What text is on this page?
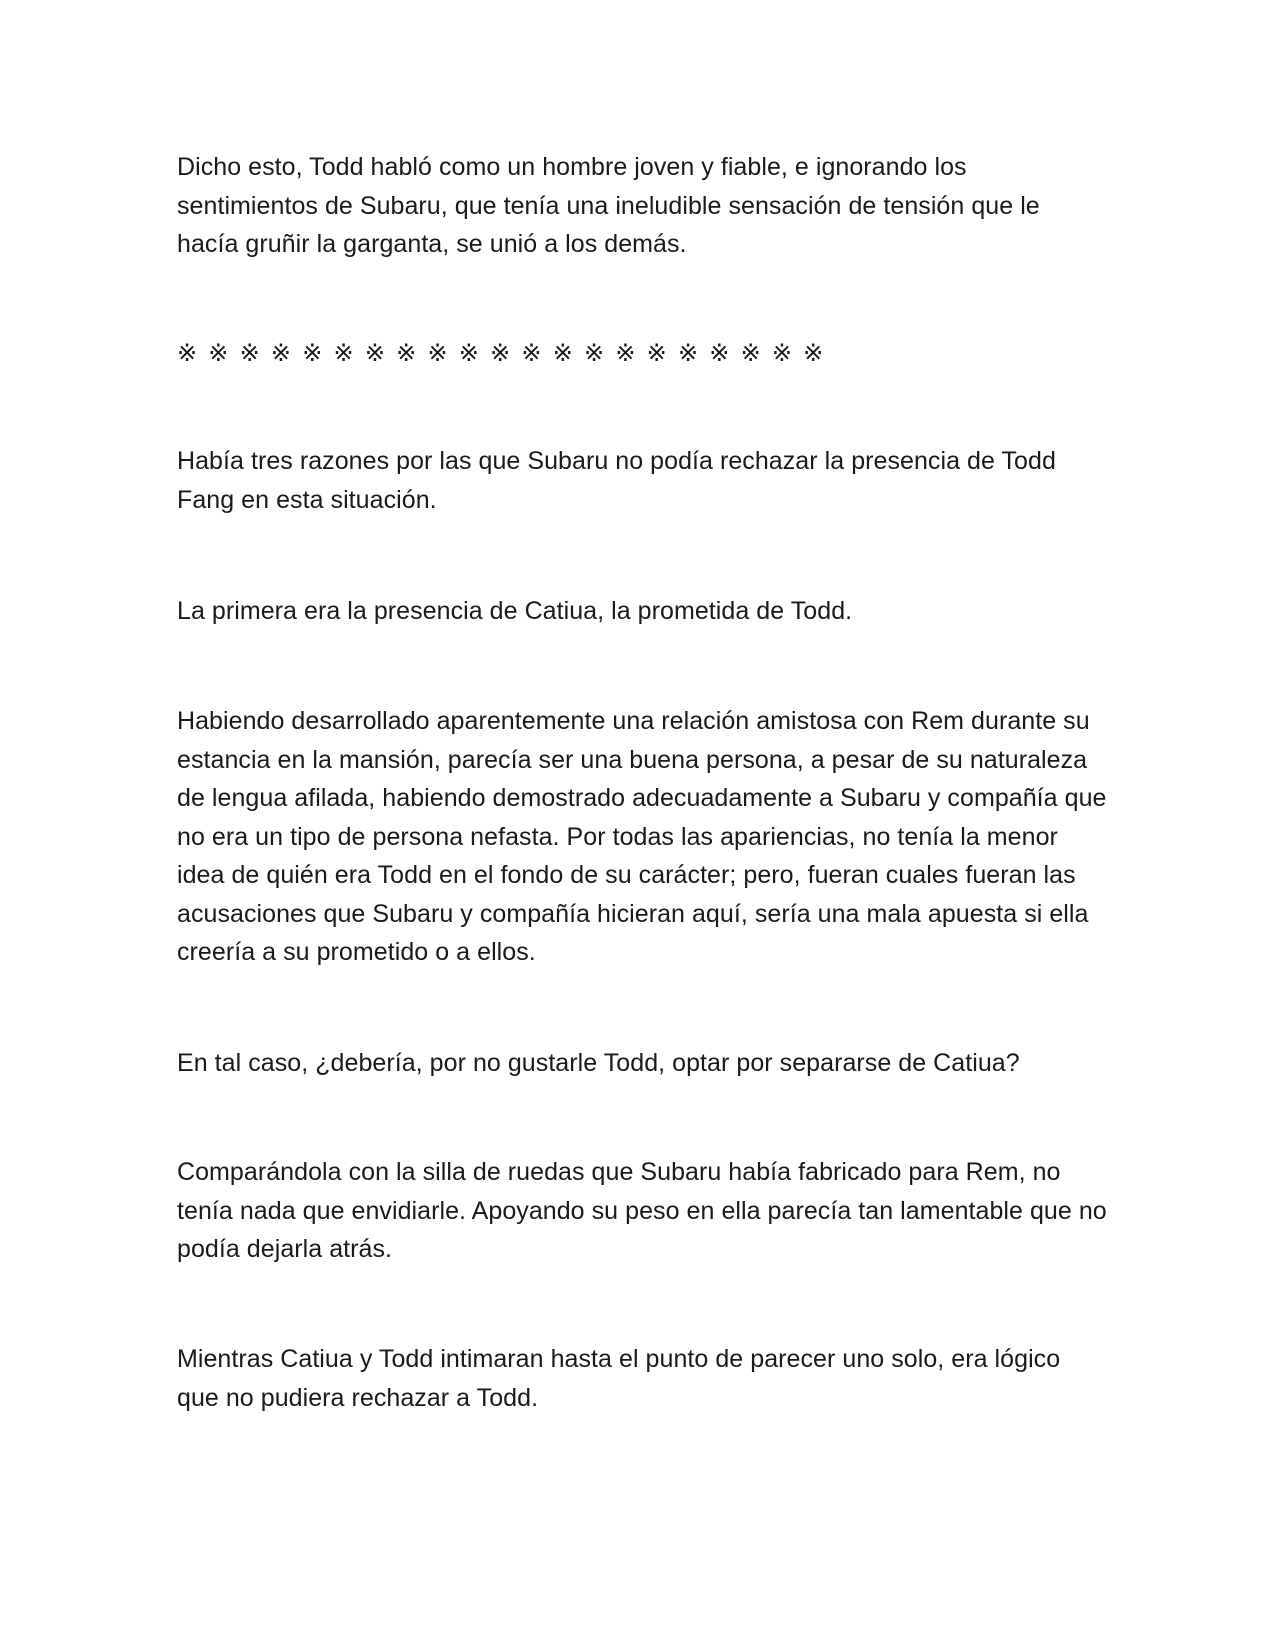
Dicho esto, Todd habló como un hombre joven y fiable, e ignorando los sentimientos de Subaru, que tenía una ineludible sensación de tensión que le hacía gruñir la garganta, se unió a los demás.

※※※※※※※※※※※※※※※※※※※※※

Había tres razones por las que Subaru no podía rechazar la presencia de Todd Fang en esta situación.

La primera era la presencia de Catiua, la prometida de Todd.

Habiendo desarrollado aparentemente una relación amistosa con Rem durante su estancia en la mansión, parecía ser una buena persona, a pesar de su naturaleza de lengua afilada, habiendo demostrado adecuadamente a Subaru y compañía que no era un tipo de persona nefasta. Por todas las apariencias, no tenía la menor idea de quién era Todd en el fondo de su carácter; pero, fueran cuales fueran las acusaciones que Subaru y compañía hicieran aquí, sería una mala apuesta si ella creería a su prometido o a ellos.

En tal caso, ¿debería, por no gustarle Todd, optar por separarse de Catiua?

Comparándola con la silla de ruedas que Subaru había fabricado para Rem, no tenía nada que envidiarle. Apoyando su peso en ella parecía tan lamentable que no podía dejarla atrás.

Mientras Catiua y Todd intimaran hasta el punto de parecer uno solo, era lógico que no pudiera rechazar a Todd.
